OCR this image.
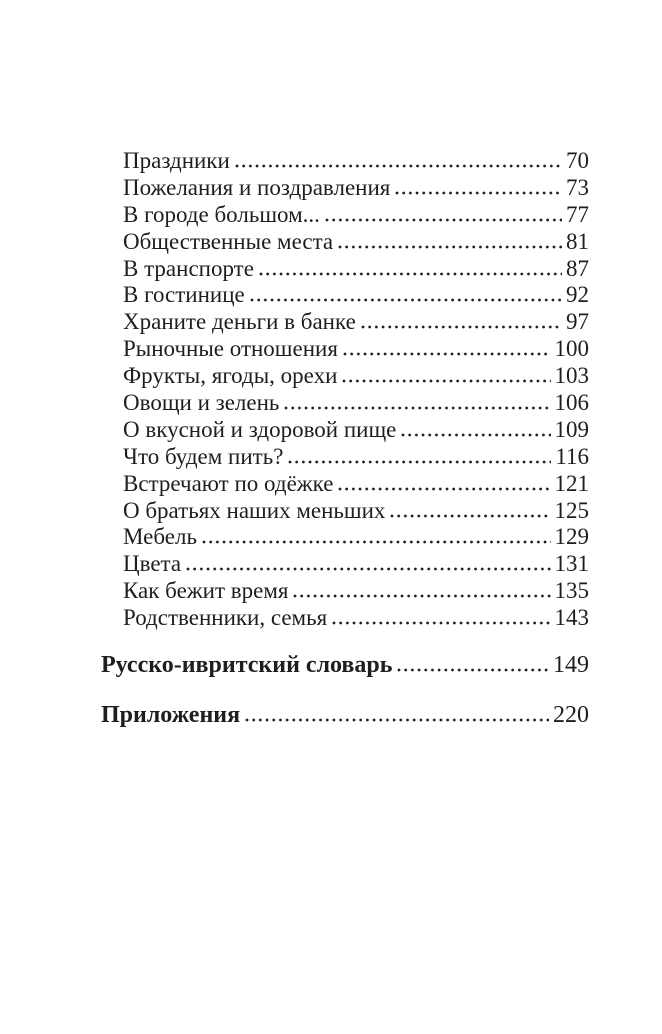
Праздники	70
Пожелания и поздравления	73
В городе большом...	77
Общественные места	81
В транспорте	87
В гостинице	92
Храните деньги в банке	97
Рыночные отношения	100
Фрукты, ягоды, орехи	103
Овощи и зелень	106
О вкусной и здоровой пище	109
Что будем пить?	116
Встречают по одёжке	121
О братьях наших меньших	125
Мебель	129
Цвета	131
Как бежит время	135
Родственники, семья	143
Русско-ивритский словарь	149
Приложения	220
